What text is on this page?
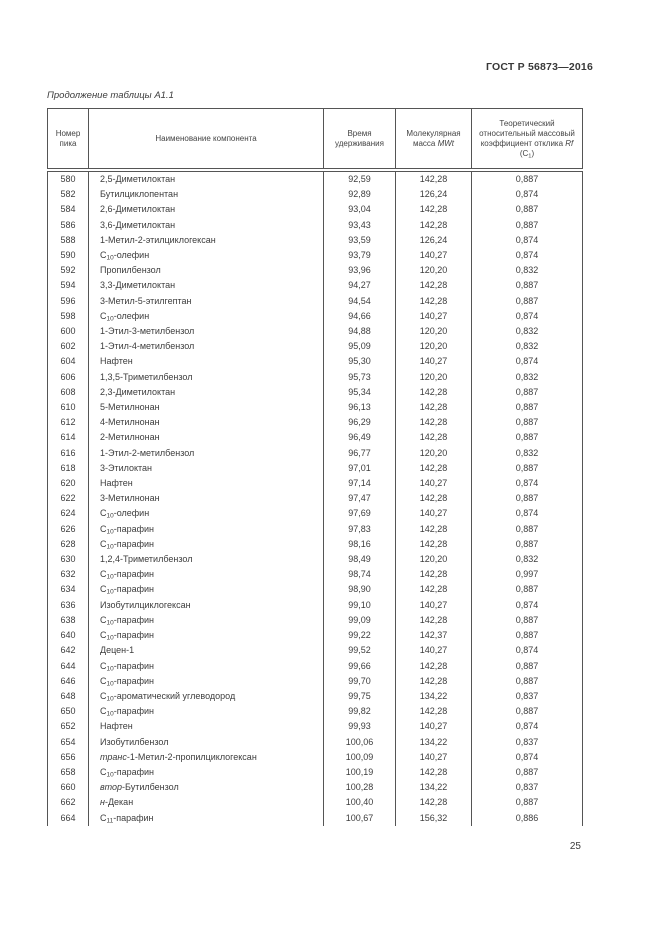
ГОСТ Р 56873—2016
Продолжение таблицы А1.1
Номер пика	Наименование компонента	Время удерживания	Молекулярная масса MWt	Теоретический относительный массовый коэффициент отклика Rf $(C_1)$
580	2,5-Диметилоктан	92,59	142,28	0,887
582	Бутилциклопентан	92,89	126,24	0,874
584	2,6-Диметилоктан	93,04	142,28	0,887
586	3,6-Диметилоктан	93,43	142,28	0,887
588	1-Метил-2-этилциклогексан	93,59	126,24	0,874
590	$С_{10}$-олефин	93,79	140,27	0,874
592	Пропилбензол	93,96	120,20	0,832
594	3,3-Диметилоктан	94,27	142,28	0,887
596	3-Метил-5-этилгептан	94,54	142,28	0,887
598	$С_{10}$-олефин	94,66	140,27	0,874
600	1-Этил-3-метилбензол	94,88	120,20	0,832
602	1-Этил-4-метилбензол	95,09	120,20	0,832
604	Нафтен	95,30	140,27	0,874
606	1,3,5-Триметилбензол	95,73	120,20	0,832
608	2,3-Диметилоктан	95,34	142,28	0,887
610	5-Метилнонан	96,13	142,28	0,887
612	4-Метилнонан	96,29	142,28	0,887
614	2-Метилнонан	96,49	142,28	0,887
616	1-Этил-2-метилбензол	96,77	120,20	0,832
618	3-Этилоктан	97,01	142,28	0,887
620	Нафтен	97,14	140,27	0,874
622	3-Метилнонан	97,47	142,28	0,887
624	$С_{10}$-олефин	97,69	140,27	0,874
626	$С_{10}$-парафин	97,83	142,28	0,887
628	$С_{10}$-парафин	98,16	142,28	0,887
630	1,2,4-Триметилбензол	98,49	120,20	0,832
632	$С_{10}$-парафин	98,74	142,28	0,997
634	$С_{10}$-парафин	98,90	142,28	0,887
636	Изобутилциклогексан	99,10	140,27	0,874
638	$С_{10}$-парафин	99,09	142,28	0,887
640	$С_{10}$-парафин	99,22	142,37	0,887
642	Децен-1	99,52	140,27	0,874
644	$С_{10}$-парафин	99,66	142,28	0,887
646	$С_{10}$-парафин	99,70	142,28	0,887
648	$С_{10}$-ароматический углеводород	99,75	134,22	0,837
650	$С_{10}$-парафин	99,82	142,28	0,887
652	Нафтен	99,93	140,27	0,874
654	Изобутилбензол	100,06	134,22	0,837
656	транс-1-Метил-2-пропилциклогексан	100,09	140,27	0,874
658	$С_{10}$-парафин	100,19	142,28	0,887
660	втор-Бутилбензол	100,28	134,22	0,837
662	н-Декан	100,40	142,28	0,887
664	$С_{11}$-парафин	100,67	156,32	0,886
25
